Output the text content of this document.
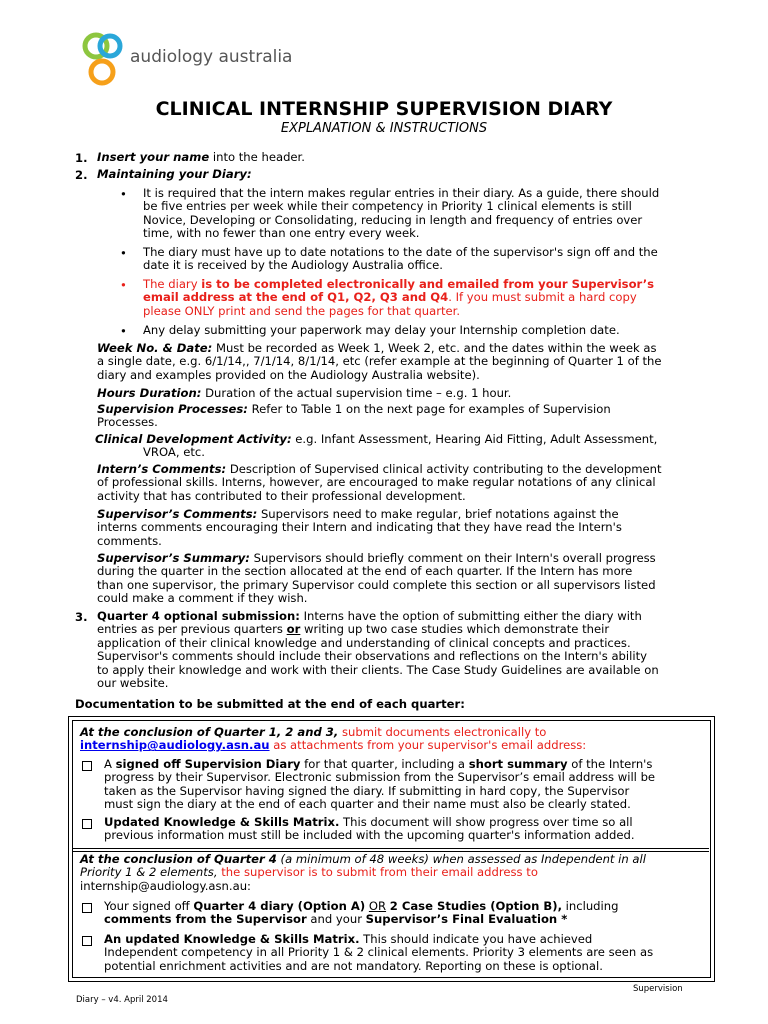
audiology australia
CLINICAL INTERNSHIP SUPERVISION DIARY
EXPLANATION & INSTRUCTIONS
1. Insert your name into the header.
2. Maintaining your Diary:
• It is required that the intern makes regular entries in their diary. As a guide, there should
be five entries per week while their competency in Priority 1 clinical elements is still
Novice, Developing or Consolidating, reducing in length and frequency of entries over
time, with no fewer than one entry every week.
• The diary must have up to date notations to the date of the supervisor's sign off and the
date it is received by the Audiology Australia office.
• The diary is to be completed electronically and emailed from your Supervisor’s
email address at the end of Q1, Q2, Q3 and Q4. If you must submit a hard copy
please ONLY print and send the pages for that quarter.
• Any delay submitting your paperwork may delay your Internship completion date.
Week No. & Date: Must be recorded as Week 1, Week 2, etc. and the dates within the week as
a single date, e.g. 6/1/14,, 7/1/14, 8/1/14, etc (refer example at the beginning of Quarter 1 of the
diary and examples provided on the Audiology Australia website).
Hours Duration: Duration of the actual supervision time – e.g. 1 hour.
Supervision Processes: Refer to Table 1 on the next page for examples of Supervision
Processes.
Clinical Development Activity: e.g. Infant Assessment, Hearing Aid Fitting, Adult Assessment,
VROA, etc.
Intern’s Comments: Description of Supervised clinical activity contributing to the development
of professional skills. Interns, however, are encouraged to make regular notations of any clinical
activity that has contributed to their professional development.
Supervisor’s Comments: Supervisors need to make regular, brief notations against the
interns comments encouraging their Intern and indicating that they have read the Intern's
comments.
Supervisor’s Summary: Supervisors should briefly comment on their Intern's overall progress
during the quarter in the section allocated at the end of each quarter. If the Intern has more
than one supervisor, the primary Supervisor could complete this section or all supervisors listed
could make a comment if they wish.
3. Quarter 4 optional submission: Interns have the option of submitting either the diary with
entries as per previous quarters or writing up two case studies which demonstrate their
application of their clinical knowledge and understanding of clinical concepts and practices.
Supervisor's comments should include their observations and reflections on the Intern's ability
to apply their knowledge and work with their clients. The Case Study Guidelines are available on
our website.
Documentation to be submitted at the end of each quarter:
At the conclusion of Quarter 1, 2 and 3, submit documents electronically to
internship@audiology.asn.au as attachments from your supervisor's email address:
A signed off Supervision Diary for that quarter, including a short summary of the Intern's
progress by their Supervisor. Electronic submission from the Supervisor’s email address will be
taken as the Supervisor having signed the diary. If submitting in hard copy, the Supervisor
must sign the diary at the end of each quarter and their name must also be clearly stated.
Updated Knowledge & Skills Matrix. This document will show progress over time so all
previous information must still be included with the upcoming quarter's information added.
At the conclusion of Quarter 4 (a minimum of 48 weeks) when assessed as Independent in all
Priority 1 & 2 elements, the supervisor is to submit from their email address to
internship@audiology.asn.au:
Your signed off Quarter 4 diary (Option A) OR 2 Case Studies (Option B), including
comments from the Supervisor and your Supervisor’s Final Evaluation *
An updated Knowledge & Skills Matrix. This should indicate you have achieved
Independent competency in all Priority 1 & 2 clinical elements. Priority 3 elements are seen as
potential enrichment activities and are not mandatory. Reporting on these is optional.
Supervision
Diary – v4. April 2014
